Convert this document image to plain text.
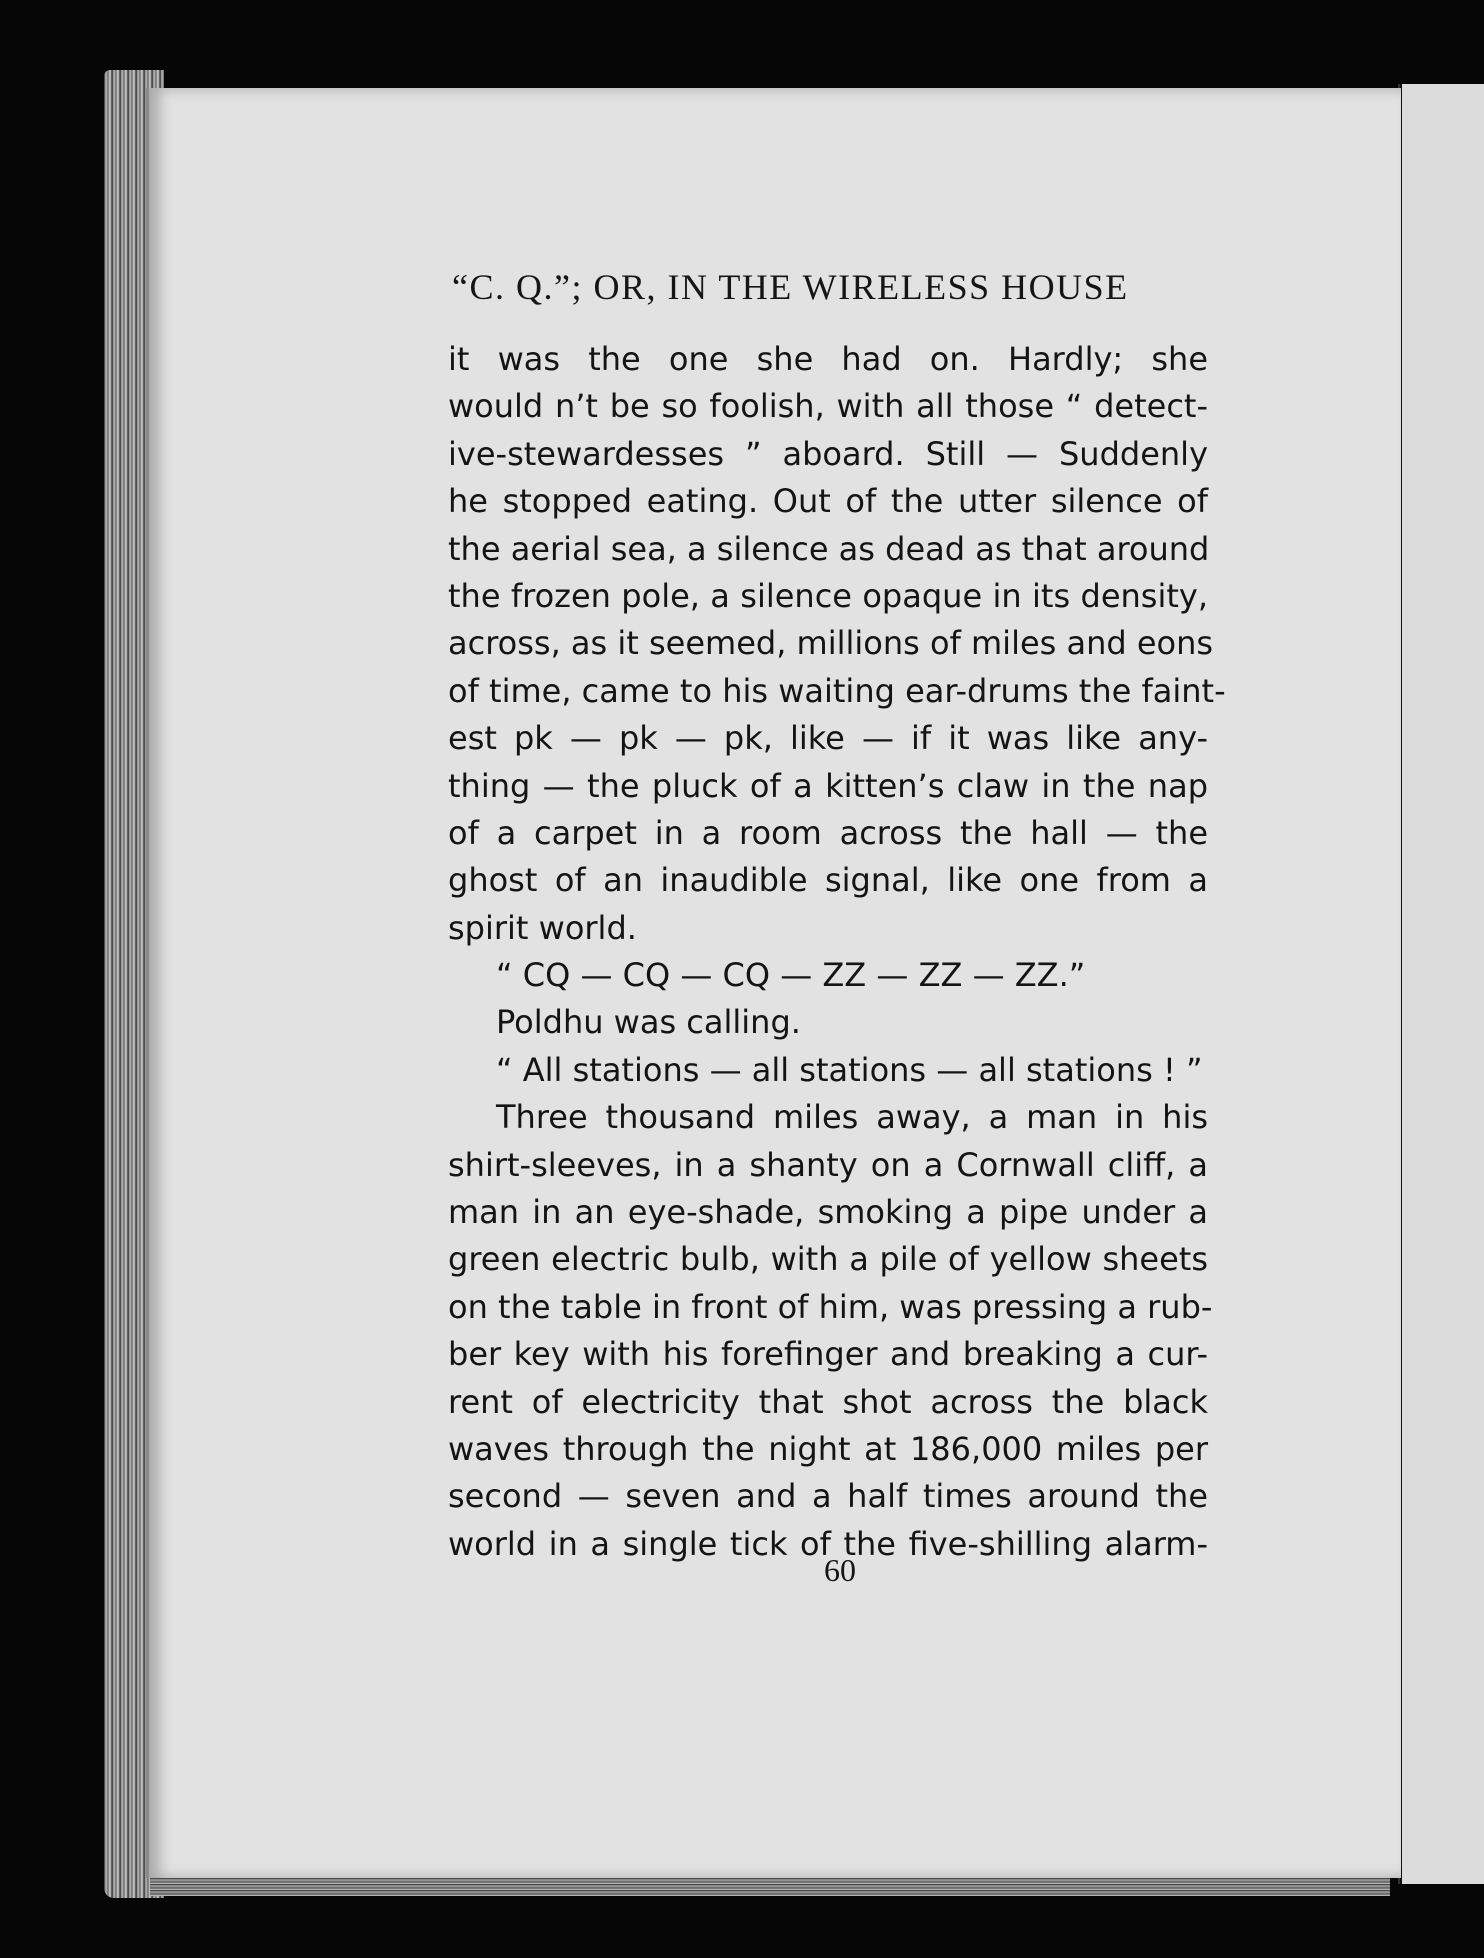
“C. Q.”; OR, IN THE WIRELESS HOUSE
it was the one she had on. Hardly; she
would n’t be so foolish, with all those “ detect-
ive-stewardesses ” aboard. Still — Suddenly
he stopped eating. Out of the utter silence of
the aerial sea, a silence as dead as that around
the frozen pole, a silence opaque in its density,
across, as it seemed, millions of miles and eons
of time, came to his waiting ear-drums the faint-
est pk — pk — pk, like — if it was like any-
thing — the pluck of a kitten’s claw in the nap
of a carpet in a room across the hall — the
ghost of an inaudible signal, like one from a
spirit world.
“ CQ — CQ — CQ — ZZ — ZZ — ZZ.”
Poldhu was calling.
“ All stations — all stations — all stations ! ”
Three thousand miles away, a man in his
shirt-sleeves, in a shanty on a Cornwall cliff, a
man in an eye-shade, smoking a pipe under a
green electric bulb, with a pile of yellow sheets
on the table in front of him, was pressing a rub-
ber key with his forefinger and breaking a cur-
rent of electricity that shot across the black
waves through the night at 186,000 miles per
second — seven and a half times around the
world in a single tick of the five-shilling alarm-
60
